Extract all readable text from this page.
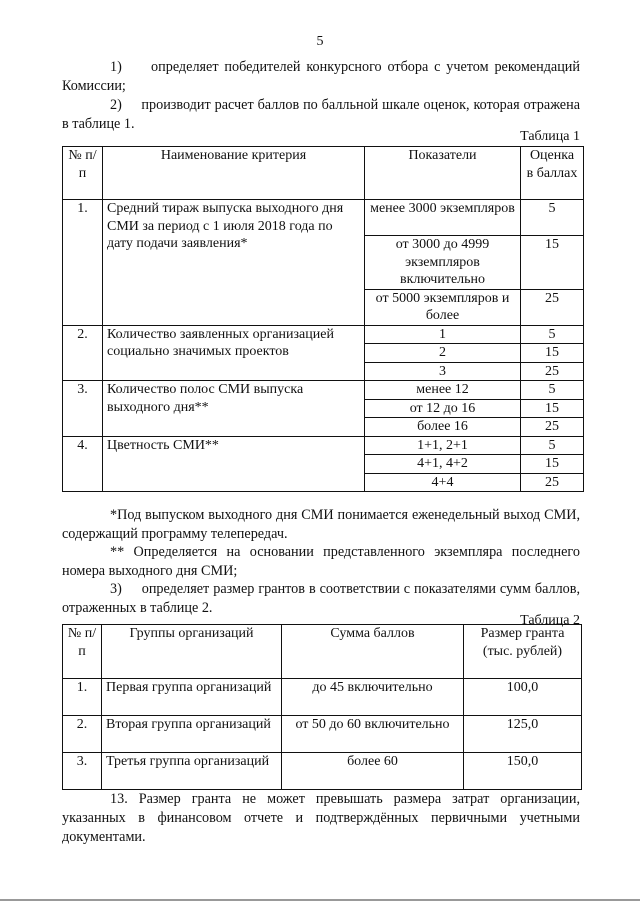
5

1) определяет победителей конкурсного отбора с учетом рекомендаций Комиссии;

2) производит расчет баллов по балльной шкале оценок, которая отражена в таблице 1.

Таблица 1
№ п/п	Наименование критерия	Показатели	Оценка в баллах
1.	Средний тираж выпуска выходного дня СМИ за период с 1 июля 2018 года по дату подачи заявления*	менее 3000 экземпляров	5
		от 3000 до 4999 экземпляров включительно	15
		от 5000 экземпляров и более	25
2.	Количество заявленных организацией социально значимых проектов	1	5
		2	15
		3	25
3.	Количество полос СМИ выпуска выходного дня**	менее 12	5
		от 12 до 16	15
		более 16	25
4.	Цветность СМИ**	1+1, 2+1	5
		4+1, 4+2	15
		4+4	25

*Под выпуском выходного дня СМИ понимается еженедельный выход СМИ, содержащий программу телепередач.

** Определяется на основании представленного экземпляра последнего номера выходного дня СМИ;

3) определяет размер грантов в соответствии с показателями сумм баллов, отраженных в таблице 2.

Таблица 2
№ п/п	Группы организаций	Сумма баллов	Размер гранта (тыс. рублей)
1.	Первая группа организаций	до 45 включительно	100,0
2.	Вторая группа организаций	от 50 до 60 включительно	125,0
3.	Третья группа организаций	более 60	150,0

13. Размер гранта не может превышать размера затрат организации, указанных в финансовом отчете и подтверждённых первичными учетными документами.
